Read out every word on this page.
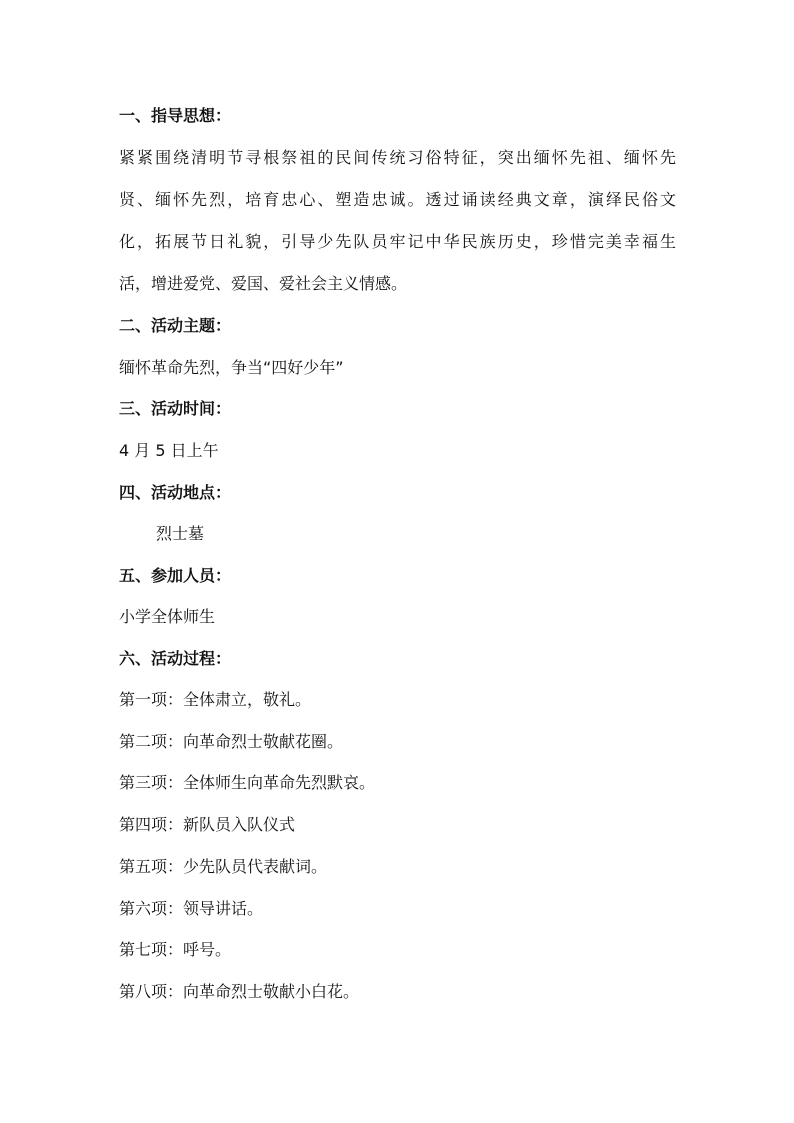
一、指导思想：
紧紧围绕清明节寻根祭祖的民间传统习俗特征，突出缅怀先祖、缅怀先
贤、缅怀先烈，培育忠心、塑造忠诚。透过诵读经典文章，演绎民俗文
化，拓展节日礼貌，引导少先队员牢记中华民族历史，珍惜完美幸福生
活，增进爱党、爱国、爱社会主义情感。
二、活动主题：
缅怀革命先烈，争当“四好少年”
三、活动时间：
4 月 5 日上午
四、活动地点：
烈士墓
五、参加人员：
小学全体师生
六、活动过程：
第一项：全体肃立，敬礼。
第二项：向革命烈士敬献花圈。
第三项：全体师生向革命先烈默哀。
第四项：新队员入队仪式
第五项：少先队员代表献词。
第六项：领导讲话。
第七项：呼号。
第八项：向革命烈士敬献小白花。
